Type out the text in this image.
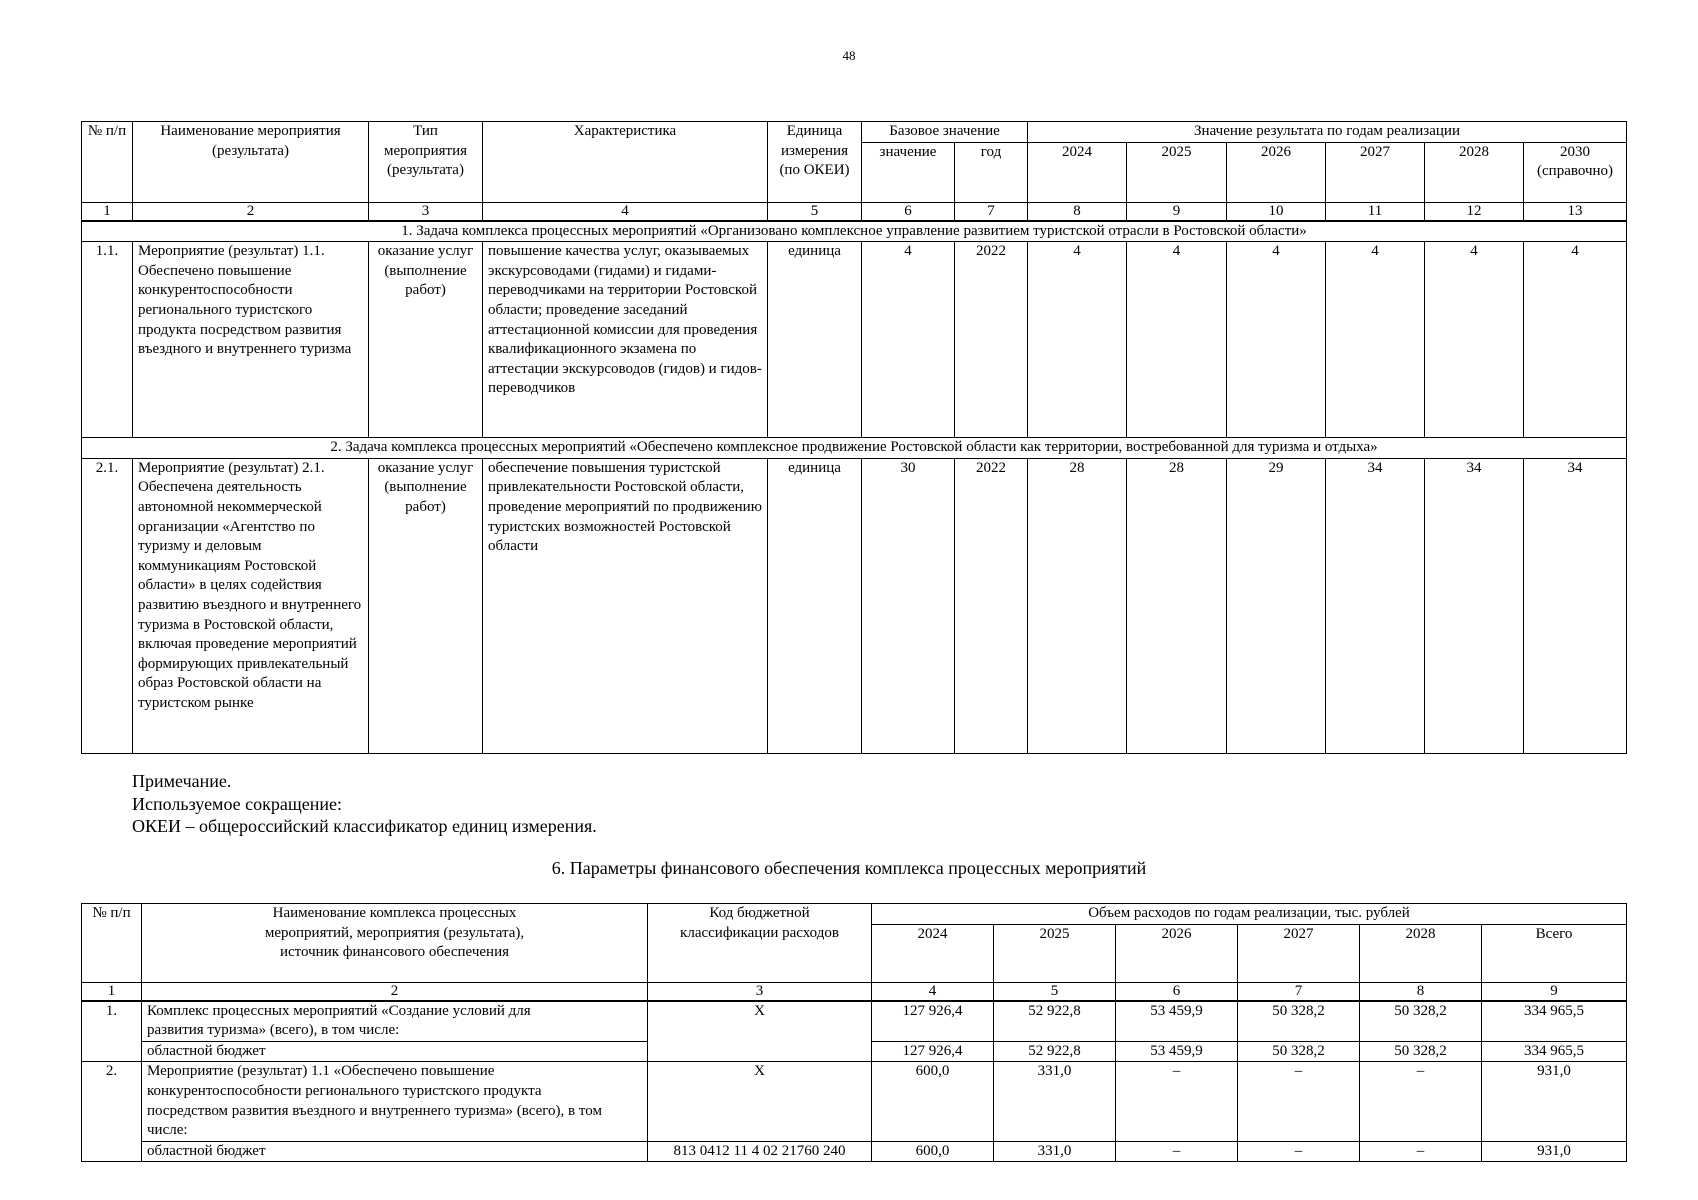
48
№ п/п	Наименование мероприятия (результата)	Тип мероприятия (результата)	Характеристика	Единица измерения (по ОКЕИ)	Базовое значение		Значение результата по годам реализации					
					значение	год	2024	2025	2026	2027	2028	2030 (справочно)
1	2	3	4	5	6	7	8	9	10	11	12	13
1. Задача комплекса процессных мероприятий «Организовано комплексное управление развитием туристской отрасли в Ростовской области»												
1.1.	Мероприятие (результат) 1.1. Обеспечено повышение конкурентоспособности регионального туристского продукта посредством развития въездного и внутреннего туризма	оказание услуг (выполнение работ)	повышение качества услуг, оказываемых экскурсоводами (гидами) и гидами-переводчиками на территории Ростовской области; проведение заседаний аттестационной комиссии для проведения квалификационного экзамена по аттестации экскурсоводов (гидов) и гидов-переводчиков	единица	4	2022	4	4	4	4	4	4
2. Задача комплекса процессных мероприятий «Обеспечено комплексное продвижение Ростовской области как территории, востребованной для туризма и отдыха»												
2.1.	Мероприятие (результат) 2.1. Обеспечена деятельность автономной некоммерческой организации «Агентство по туризму и деловым коммуникациям Ростовской области» в целях содействия развитию въездного и внутреннего туризма в Ростовской области, включая проведение мероприятий формирующих привлекательный образ Ростовской области на туристском рынке	оказание услуг (выполнение работ)	обеспечение повышения туристской привлекательности Ростовской области, проведение мероприятий по продвижению туристских возможностей Ростовской области	единица	30	2022	28	28	29	34	34	34
Примечание.
Используемое сокращение:
ОКЕИ – общероссийский классификатор единиц измерения.
6. Параметры финансового обеспечения комплекса процессных мероприятий
№ п/п	Наименование комплекса процессных мероприятий, мероприятия (результата), источник финансового обеспечения	Код бюджетной классификации расходов	Объем расходов по годам реализации, тыс. рублей					
			2024	2025	2026	2027	2028	Всего
1	2	3	4	5	6	7	8	9
1.	Комплекс процессных мероприятий «Создание условий для развития туризма» (всего), в том числе:	X	127 926,4	52 922,8	53 459,9	50 328,2	50 328,2	334 965,5
	областной бюджет		127 926,4	52 922,8	53 459,9	50 328,2	50 328,2	334 965,5
2.	Мероприятие (результат) 1.1 «Обеспечено повышение конкурентоспособности регионального туристского продукта посредством развития въездного и внутреннего туризма» (всего), в том числе:	X	600,0	331,0	–	–	–	931,0
	областной бюджет	813 0412 11 4 02 21760 240	600,0	331,0	–	–	–	931,0
